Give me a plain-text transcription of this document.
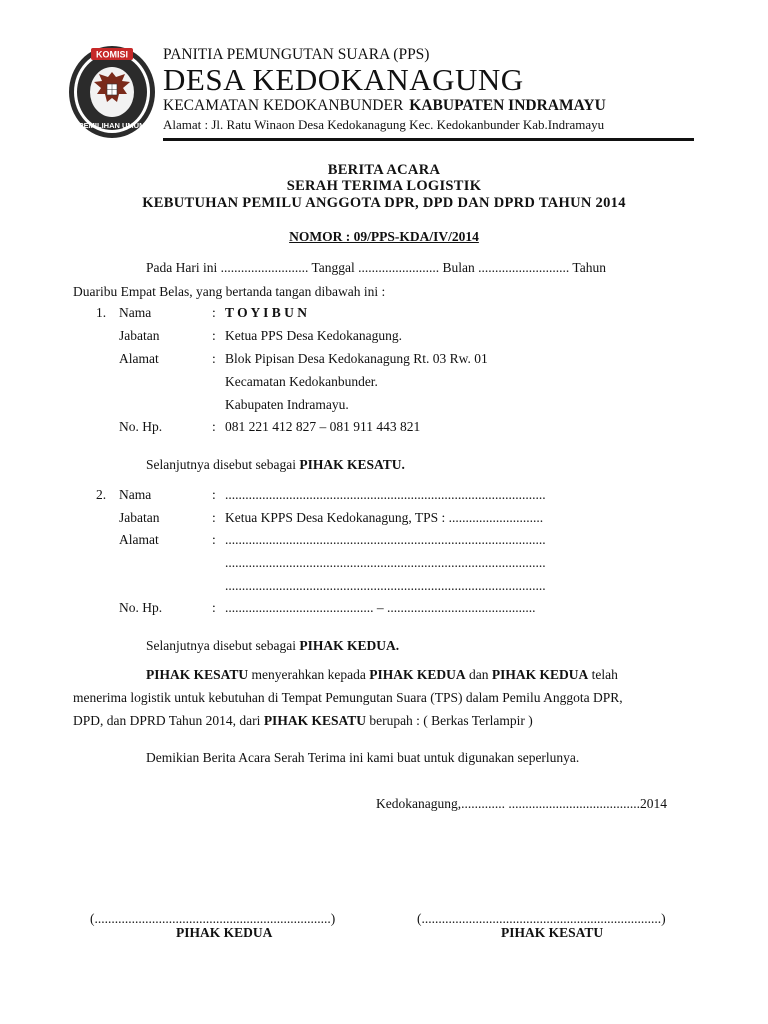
KOMISI
PEMILIHAN UMUM
PANITIA PEMUNGUTAN SUARA (PPS)
DESA KEDOKANAGUNG
KECAMATAN KEDOKANBUNDER KABUPATEN INDRAMAYU
Alamat : Jl. Ratu Winaon Desa Kedokanagung Kec. Kedokanbunder Kab.Indramayu
BERITA ACARA
SERAH TERIMA LOGISTIK
KEBUTUHAN PEMILU ANGGOTA DPR, DPD DAN DPRD TAHUN 2014
NOMOR : 09/PPS-KDA/IV/2014
Pada Hari ini .......................... Tanggal ........................ Bulan ........................... Tahun
Duaribu Empat Belas, yang bertanda tangan dibawah ini :
1. Nama	: T O Y I B U N
Jabatan	: Ketua PPS Desa Kedokanagung.
Alamat	: Blok Pipisan Desa Kedokanagung Rt. 03 Rw. 01
Kecamatan Kedokanbunder.
Kabupaten Indramayu.
No. Hp.	: 081 221 412 827 – 081 911 443 821
Selanjutnya disebut sebagai PIHAK KESATU.
2. Nama	: ...............................................................................................
Jabatan	: Ketua KPPS Desa Kedokanagung, TPS : ............................
Alamat	: ...............................................................................................
...............................................................................................
...............................................................................................
No. Hp.	: ............................................ – ............................................
Selanjutnya disebut sebagai PIHAK KEDUA.
PIHAK KESATU menyerahkan kepada PIHAK KEDUA dan PIHAK KEDUA telah
menerima logistik untuk kebutuhan di Tempat Pemungutan Suara (TPS) dalam Pemilu Anggota DPR,
DPD, dan DPRD Tahun 2014, dari PIHAK KESATU berupah : ( Berkas Terlampir )
Demikian Berita Acara Serah Terima ini kami buat untuk digunakan seperlunya.
Kedokanagung,............. .......................................2014
(......................................................................)
PIHAK KEDUA
(.......................................................................)
PIHAK KESATU
